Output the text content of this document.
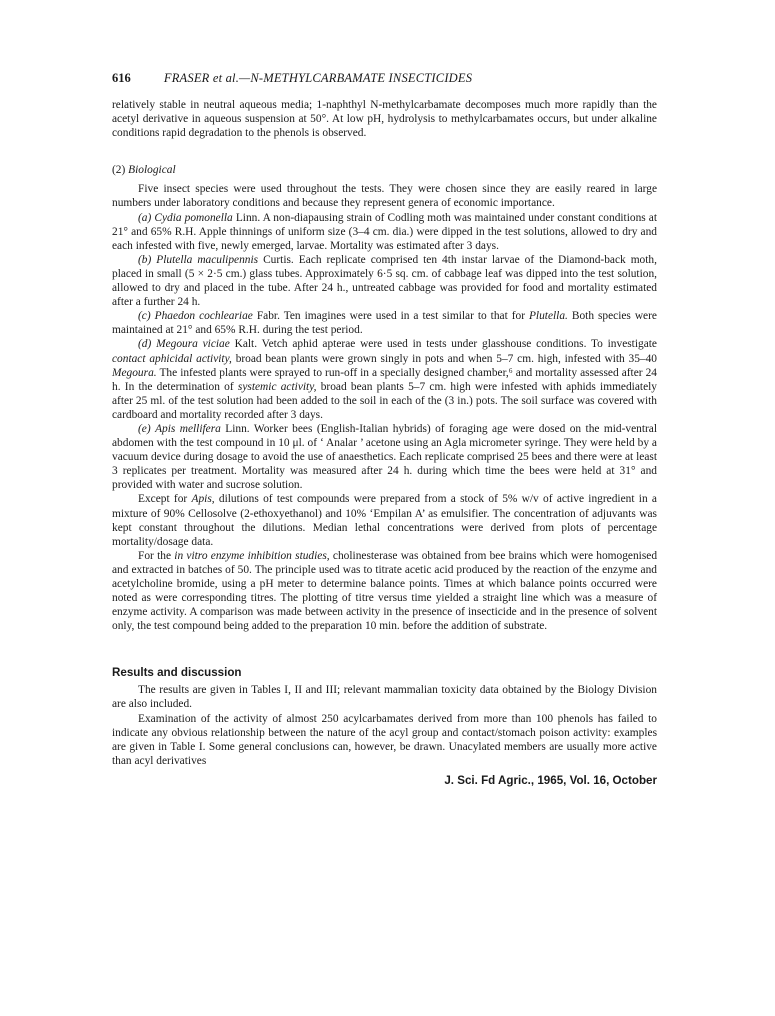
616	FRASER et al.—N-METHYLCARBAMATE INSECTICIDES

relatively stable in neutral aqueous media; 1-naphthyl N-methylcarbamate decomposes much more rapidly than the acetyl derivative in aqueous suspension at 50°. At low pH, hydrolysis to methylcarbamates occurs, but under alkaline conditions rapid degradation to the phenols is observed.

(2) Biological

Five insect species were used throughout the tests. They were chosen since they are easily reared in large numbers under laboratory conditions and because they represent genera of economic importance.

(a) Cydia pomonella Linn. A non-diapausing strain of Codling moth was maintained under constant conditions at 21° and 65% R.H. Apple thinnings of uniform size (3–4 cm. dia.) were dipped in the test solutions, allowed to dry and each infested with five, newly emerged, larvae. Mortality was estimated after 3 days.

(b) Plutella maculipennis Curtis. Each replicate comprised ten 4th instar larvae of the Diamond-back moth, placed in small (5 × 2·5 cm.) glass tubes. Approximately 6·5 sq. cm. of cabbage leaf was dipped into the test solution, allowed to dry and placed in the tube. After 24 h., untreated cabbage was provided for food and mortality estimated after a further 24 h.

(c) Phaedon cochleariae Fabr. Ten imagines were used in a test similar to that for Plutella. Both species were maintained at 21° and 65% R.H. during the test period.

(d) Megoura viciae Kalt. Vetch aphid apterae were used in tests under glasshouse conditions. To investigate contact aphicidal activity, broad bean plants were grown singly in pots and when 5–7 cm. high, infested with 35–40 Megoura. The infested plants were sprayed to run-off in a specially designed chamber,⁶ and mortality assessed after 24 h. In the determination of systemic activity, broad bean plants 5–7 cm. high were infested with aphids immediately after 25 ml. of the test solution had been added to the soil in each of the (3 in.) pots. The soil surface was covered with cardboard and mortality recorded after 3 days.

(e) Apis mellifera Linn. Worker bees (English-Italian hybrids) of foraging age were dosed on the mid-ventral abdomen with the test compound in 10 μl. of ‘ Analar ’ acetone using an Agla micrometer syringe. They were held by a vacuum device during dosage to avoid the use of anaesthetics. Each replicate comprised 25 bees and there were at least 3 replicates per treatment. Mortality was measured after 24 h. during which time the bees were held at 31° and provided with water and sucrose solution.

Except for Apis, dilutions of test compounds were prepared from a stock of 5% w/v of active ingredient in a mixture of 90% Cellosolve (2-ethoxyethanol) and 10% ‘Empilan A’ as emulsifier. The concentration of adjuvants was kept constant throughout the dilutions. Median lethal concentrations were derived from plots of percentage mortality/dosage data.

For the in vitro enzyme inhibition studies, cholinesterase was obtained from bee brains which were homogenised and extracted in batches of 50. The principle used was to titrate acetic acid produced by the reaction of the enzyme and acetylcholine bromide, using a pH meter to determine balance points. Times at which balance points occurred were noted as were corresponding titres. The plotting of titre versus time yielded a straight line which was a measure of enzyme activity. A comparison was made between activity in the presence of insecticide and in the presence of solvent only, the test compound being added to the preparation 10 min. before the addition of substrate.

Results and discussion

The results are given in Tables I, II and III; relevant mammalian toxicity data obtained by the Biology Division are also included.

Examination of the activity of almost 250 acylcarbamates derived from more than 100 phenols has failed to indicate any obvious relationship between the nature of the acyl group and contact/stomach poison activity: examples are given in Table I. Some general conclusions can, however, be drawn. Unacylated members are usually more active than acyl derivatives

J. Sci. Fd Agric., 1965, Vol. 16, October
